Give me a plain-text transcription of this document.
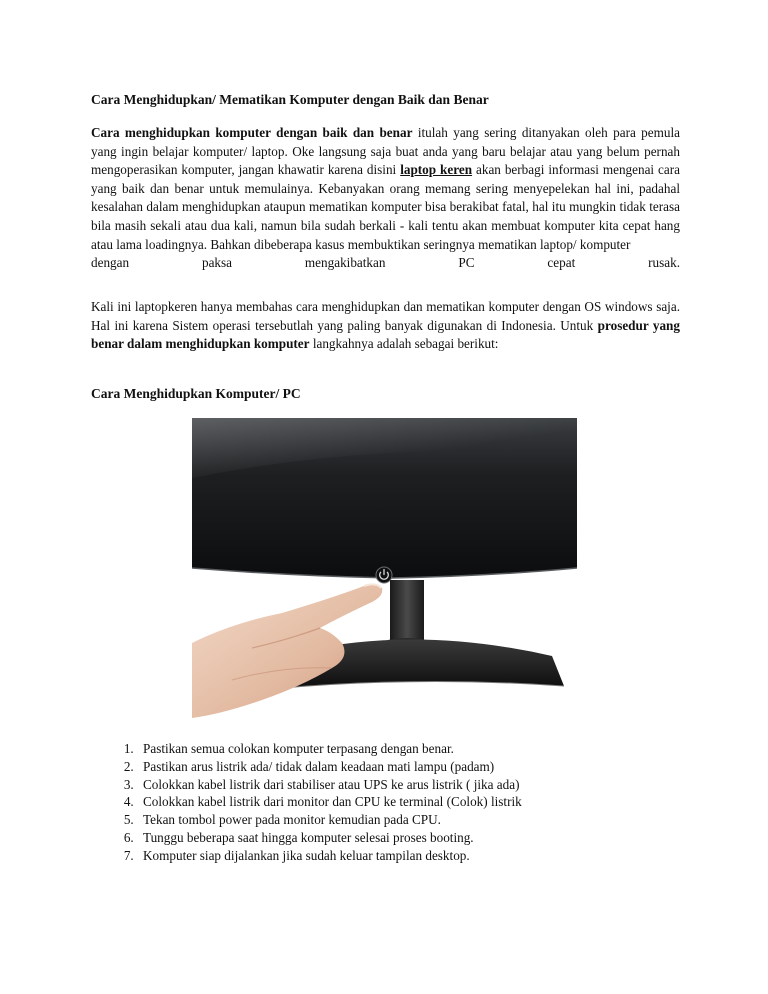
Cara Menghidupkan/ Mematikan Komputer dengan Baik dan Benar

Cara menghidupkan komputer dengan baik dan benar itulah yang sering ditanyakan oleh para pemula yang ingin belajar komputer/ laptop. Oke langsung saja buat anda yang baru belajar atau yang belum pernah mengoperasikan komputer, jangan khawatir karena disini laptop keren akan berbagi informasi mengenai cara yang baik dan benar untuk memulainya. Kebanyakan orang memang sering menyepelekan hal ini, padahal kesalahan dalam menghidupkan ataupun mematikan komputer bisa berakibat fatal, hal itu mungkin tidak terasa bila masih sekali atau dua kali, namun bila sudah berkali - kali tentu akan membuat komputer kita cepat hang atau lama loadingnya. Bahkan dibeberapa kasus membuktikan seringnya mematikan laptop/ komputer
dengan paksa mengakibatkan PC cepat rusak.

Kali ini laptopkeren hanya membahas cara menghidupkan dan mematikan komputer dengan OS windows saja. Hal ini karena Sistem operasi tersebutlah yang paling banyak digunakan di Indonesia. Untuk prosedur yang benar dalam menghidupkan komputer langkahnya adalah sebagai berikut:

Cara Menghidupkan Komputer/ PC
1. Pastikan semua colokan komputer terpasang dengan benar.
2. Pastikan arus listrik ada/ tidak dalam keadaan mati lampu (padam)
3. Colokkan kabel listrik dari stabiliser atau UPS ke arus listrik ( jika ada)
4. Colokkan kabel listrik dari monitor dan CPU ke terminal (Colok) listrik
5. Tekan tombol power pada monitor kemudian pada CPU.
6. Tunggu beberapa saat hingga komputer selesai proses booting.
7. Komputer siap dijalankan jika sudah keluar tampilan desktop.
